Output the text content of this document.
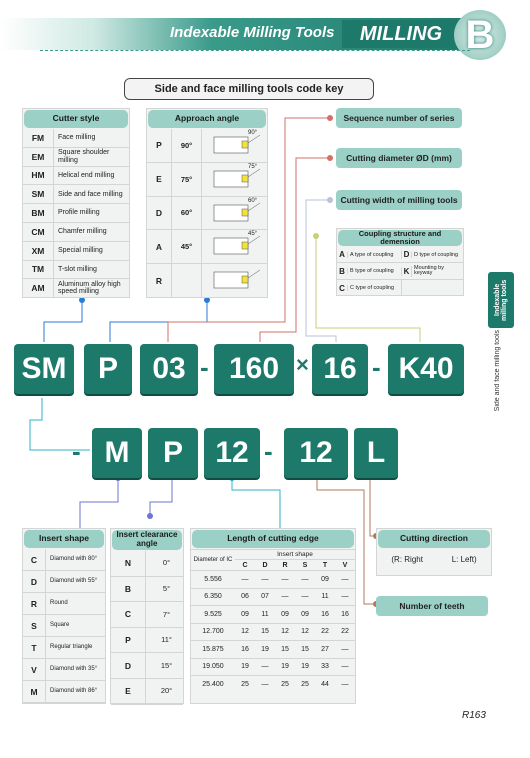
Indexable Milling Tools	MILLING B
Side and face milling tools code key
Cutter style
FM	Face milling
EM	Square shoulder milling
HM	Helical end milling
SM	Side and face milling
BM	Profile milling
CM	Chamfer milling
XM	Special milling
TM	T-slot milling
AM	Aluminum alloy high speed milling
Approach angle
P	90°
90°
E	75°
75°
D	60°
60°
A	45°
45°
R
Sequence number of series
Cutting diameter ØD (mm)
Cutting width of milling tools
Coupling structure and demension
A A type of coupling	D D type of coupling
B B type of coupling	K Mounting by keyway
C C type of coupling	Indexable milling tools
Side and face milling tools
SM	P	03 - 160 × 16 - K40
- M	P	12 - 12	L
Insert shape
C	Diamond with 80°
D	Diamond with 55°
R	Round
S	Square
T	Regular triangle
V	Diamond with 35°
M	Diamond with 86°
Insert clearance angle
N	0°
B	5°
C	7°
P	11°
D	15°
E	20°
Length of cutting edge
Diameter of IC	Insert shape					
	C	D	R	S	T	V
5.556	—	—	—	—	09	—
6.350	06	07	—	—	11	—
9.525	09	11	09	09	16	16
12.700	12	15	12	12	22	22
15.875	16	19	15	15	27	—
19.050	19	—	19	19	33	—
25.400	25	—	25	25	44	—
Cutting direction
(R: Right	L: Left)
Number of teeth
R163
